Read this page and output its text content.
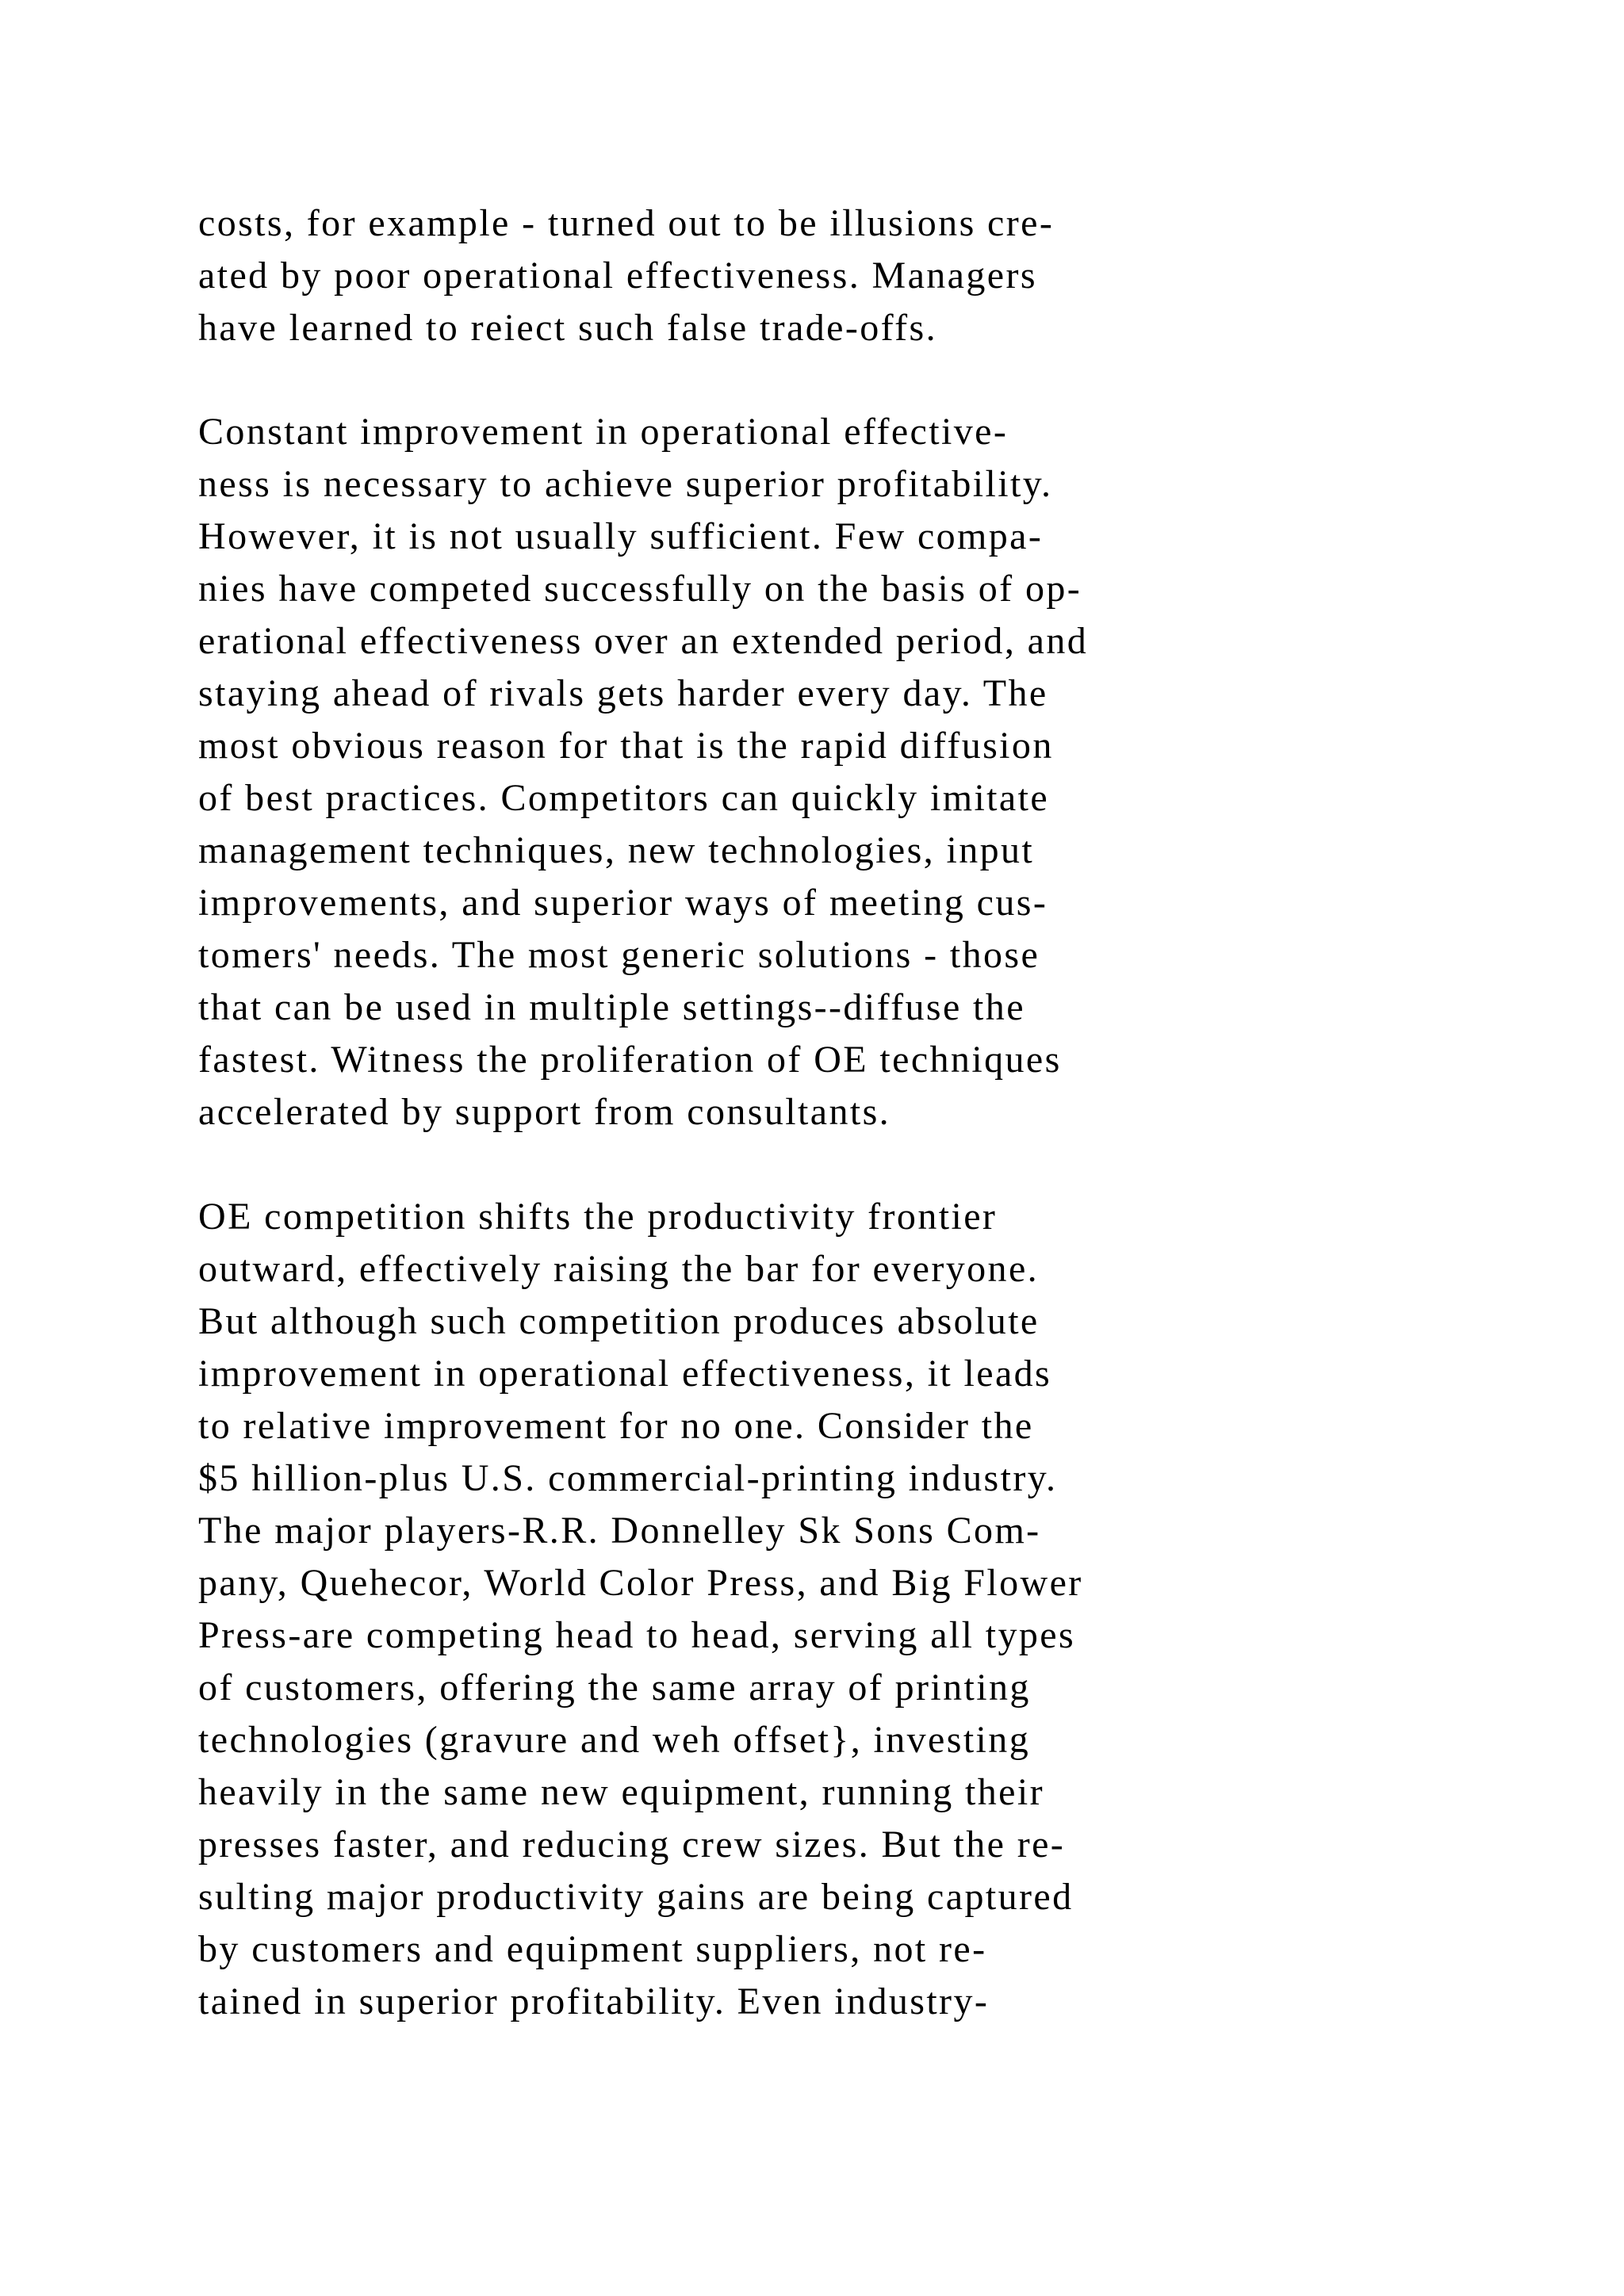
costs, for example - turned out to be illusions cre-
ated by poor operational effectiveness. Managers
have learned to reiect such false trade-offs.
Constant improvement in operational effective-
ness is necessary to achieve superior profitability.
However, it is not usually sufficient. Few compa-
nies have competed successfully on the basis of op-
erational effectiveness over an extended period, and
staying ahead of rivals gets harder every day. The
most obvious reason for that is the rapid diffusion
of best practices. Competitors can quickly imitate
management techniques, new technologies, input
improvements, and superior ways of meeting cus-
tomers' needs. The most generic solutions - those
that can be used in multiple settings--diffuse the
fastest. Witness the proliferation of OE techniques
accelerated by support from consultants.
OE competition shifts the productivity frontier
outward, effectively raising the bar for everyone.
But although such competition produces absolute
improvement in operational effectiveness, it leads
to relative improvement for no one. Consider the
$5 hillion-plus U.S. commercial-printing industry.
The major players-R.R. Donnelley Sk Sons Com-
pany, Quehecor, World Color Press, and Big Flower
Press-are competing head to head, serving all types
of customers, offering the same array of printing
technologies (gravure and weh offset}, investing
heavily in the same new equipment, running their
presses faster, and reducing crew sizes. But the re-
sulting major productivity gains are being captured
by customers and equipment suppliers, not re-
tained in superior profitability. Even industry-
